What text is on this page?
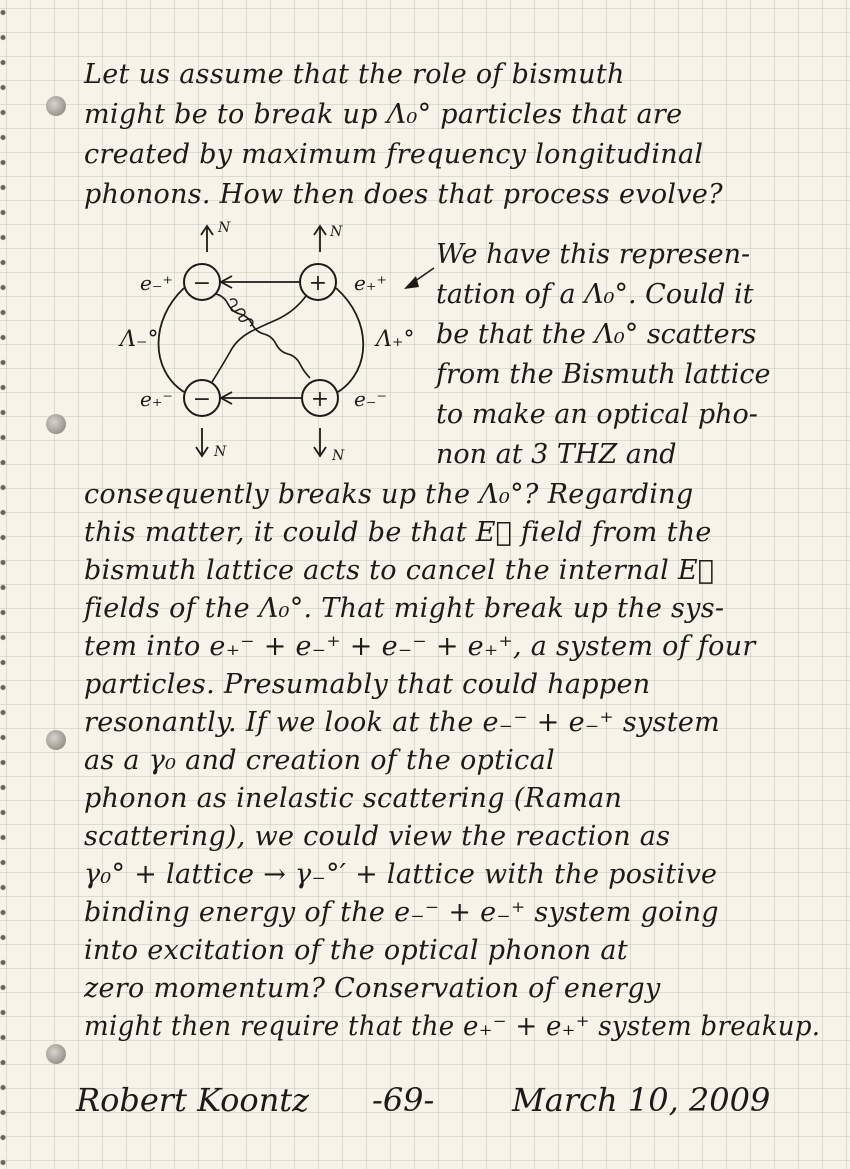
Let us assume that the role of bismuth
might be to break up Λ₀° particles that are
created by maximum frequency longitudinal
phonons. How then does that process evolve?
N	N
−	+
−	+
e₋⁺	e₊⁺
e₊⁻	e₋⁻
Λ₋°	Λ₊°
N	N
We have this represen-
tation of a Λ₀°. Could it
be that the Λ₀° scatters
from the Bismuth lattice
to make an optical pho-
non at 3 THZ and
consequently breaks up the Λ₀°? Regarding
this matter, it could be that E⃗ field from the
bismuth lattice acts to cancel the internal E⃗
fields of the Λ₀°. That might break up the sys-
tem into e₊⁻ + e₋⁺ + e₋⁻ + e₊⁺, a system of four
particles. Presumably that could happen
resonantly. If we look at the e₋⁻ + e₋⁺ system
as a γ₀ and creation of the optical
phonon as inelastic scattering (Raman
scattering), we could view the reaction as
γ₀° + lattice → γ₋°′ + lattice with the positive
binding energy of the e₋⁻ + e₋⁺ system going
into excitation of the optical phonon at
zero momentum? Conservation of energy
might then require that the e₊⁻ + e₊⁺ system breakup.
Robert Koontz -69- March 10, 2009
